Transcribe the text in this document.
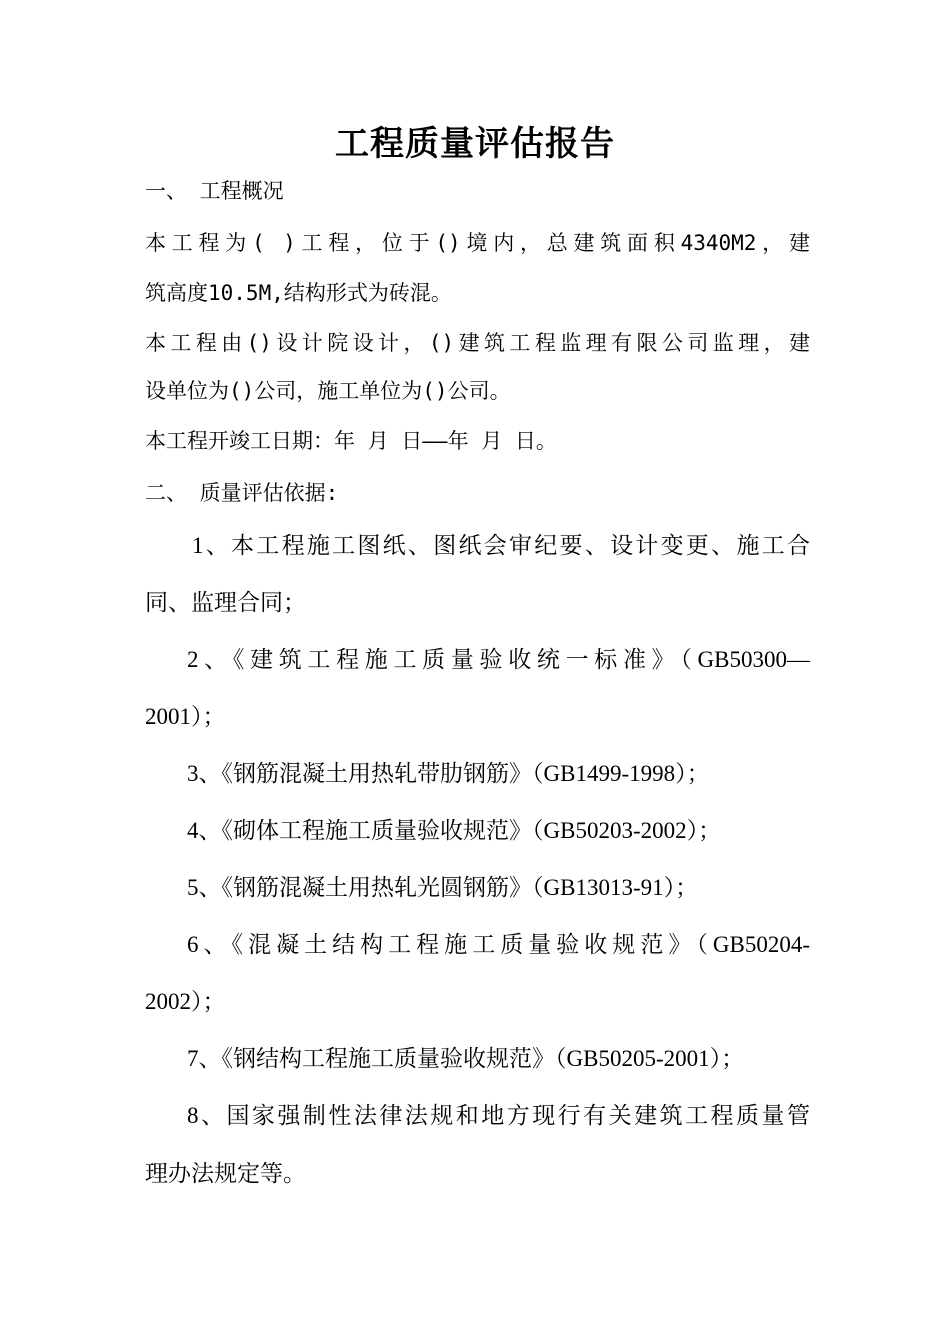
工程质量评估报告
一、 工程概况
本工程为( )工程，位于()境内，总建筑面积4340M2，建
筑高度10.5M,结构形式为砖混。
本工程由()设计院设计，()建筑工程监理有限公司监理，建
设单位为()公司，施工单位为()公司。
本工程开竣工日期：年 月 日——年 月 日。
二、 质量评估依据:
1、本工程施工图纸、图纸会审纪要、设计变更、施工合
同、监理合同；
2、《建筑工程施工质量验收统一标准》（GB50300—
2001）；
3、《钢筋混凝土用热轧带肋钢筋》（GB1499-1998）；
4、《砌体工程施工质量验收规范》（GB50203-2002）；
5、《钢筋混凝土用热轧光圆钢筋》（GB13013-91）；
6、《混凝土结构工程施工质量验收规范》（GB50204-
2002）；
7、《钢结构工程施工质量验收规范》（GB50205-2001）；
8、国家强制性法律法规和地方现行有关建筑工程质量管
理办法规定等。
